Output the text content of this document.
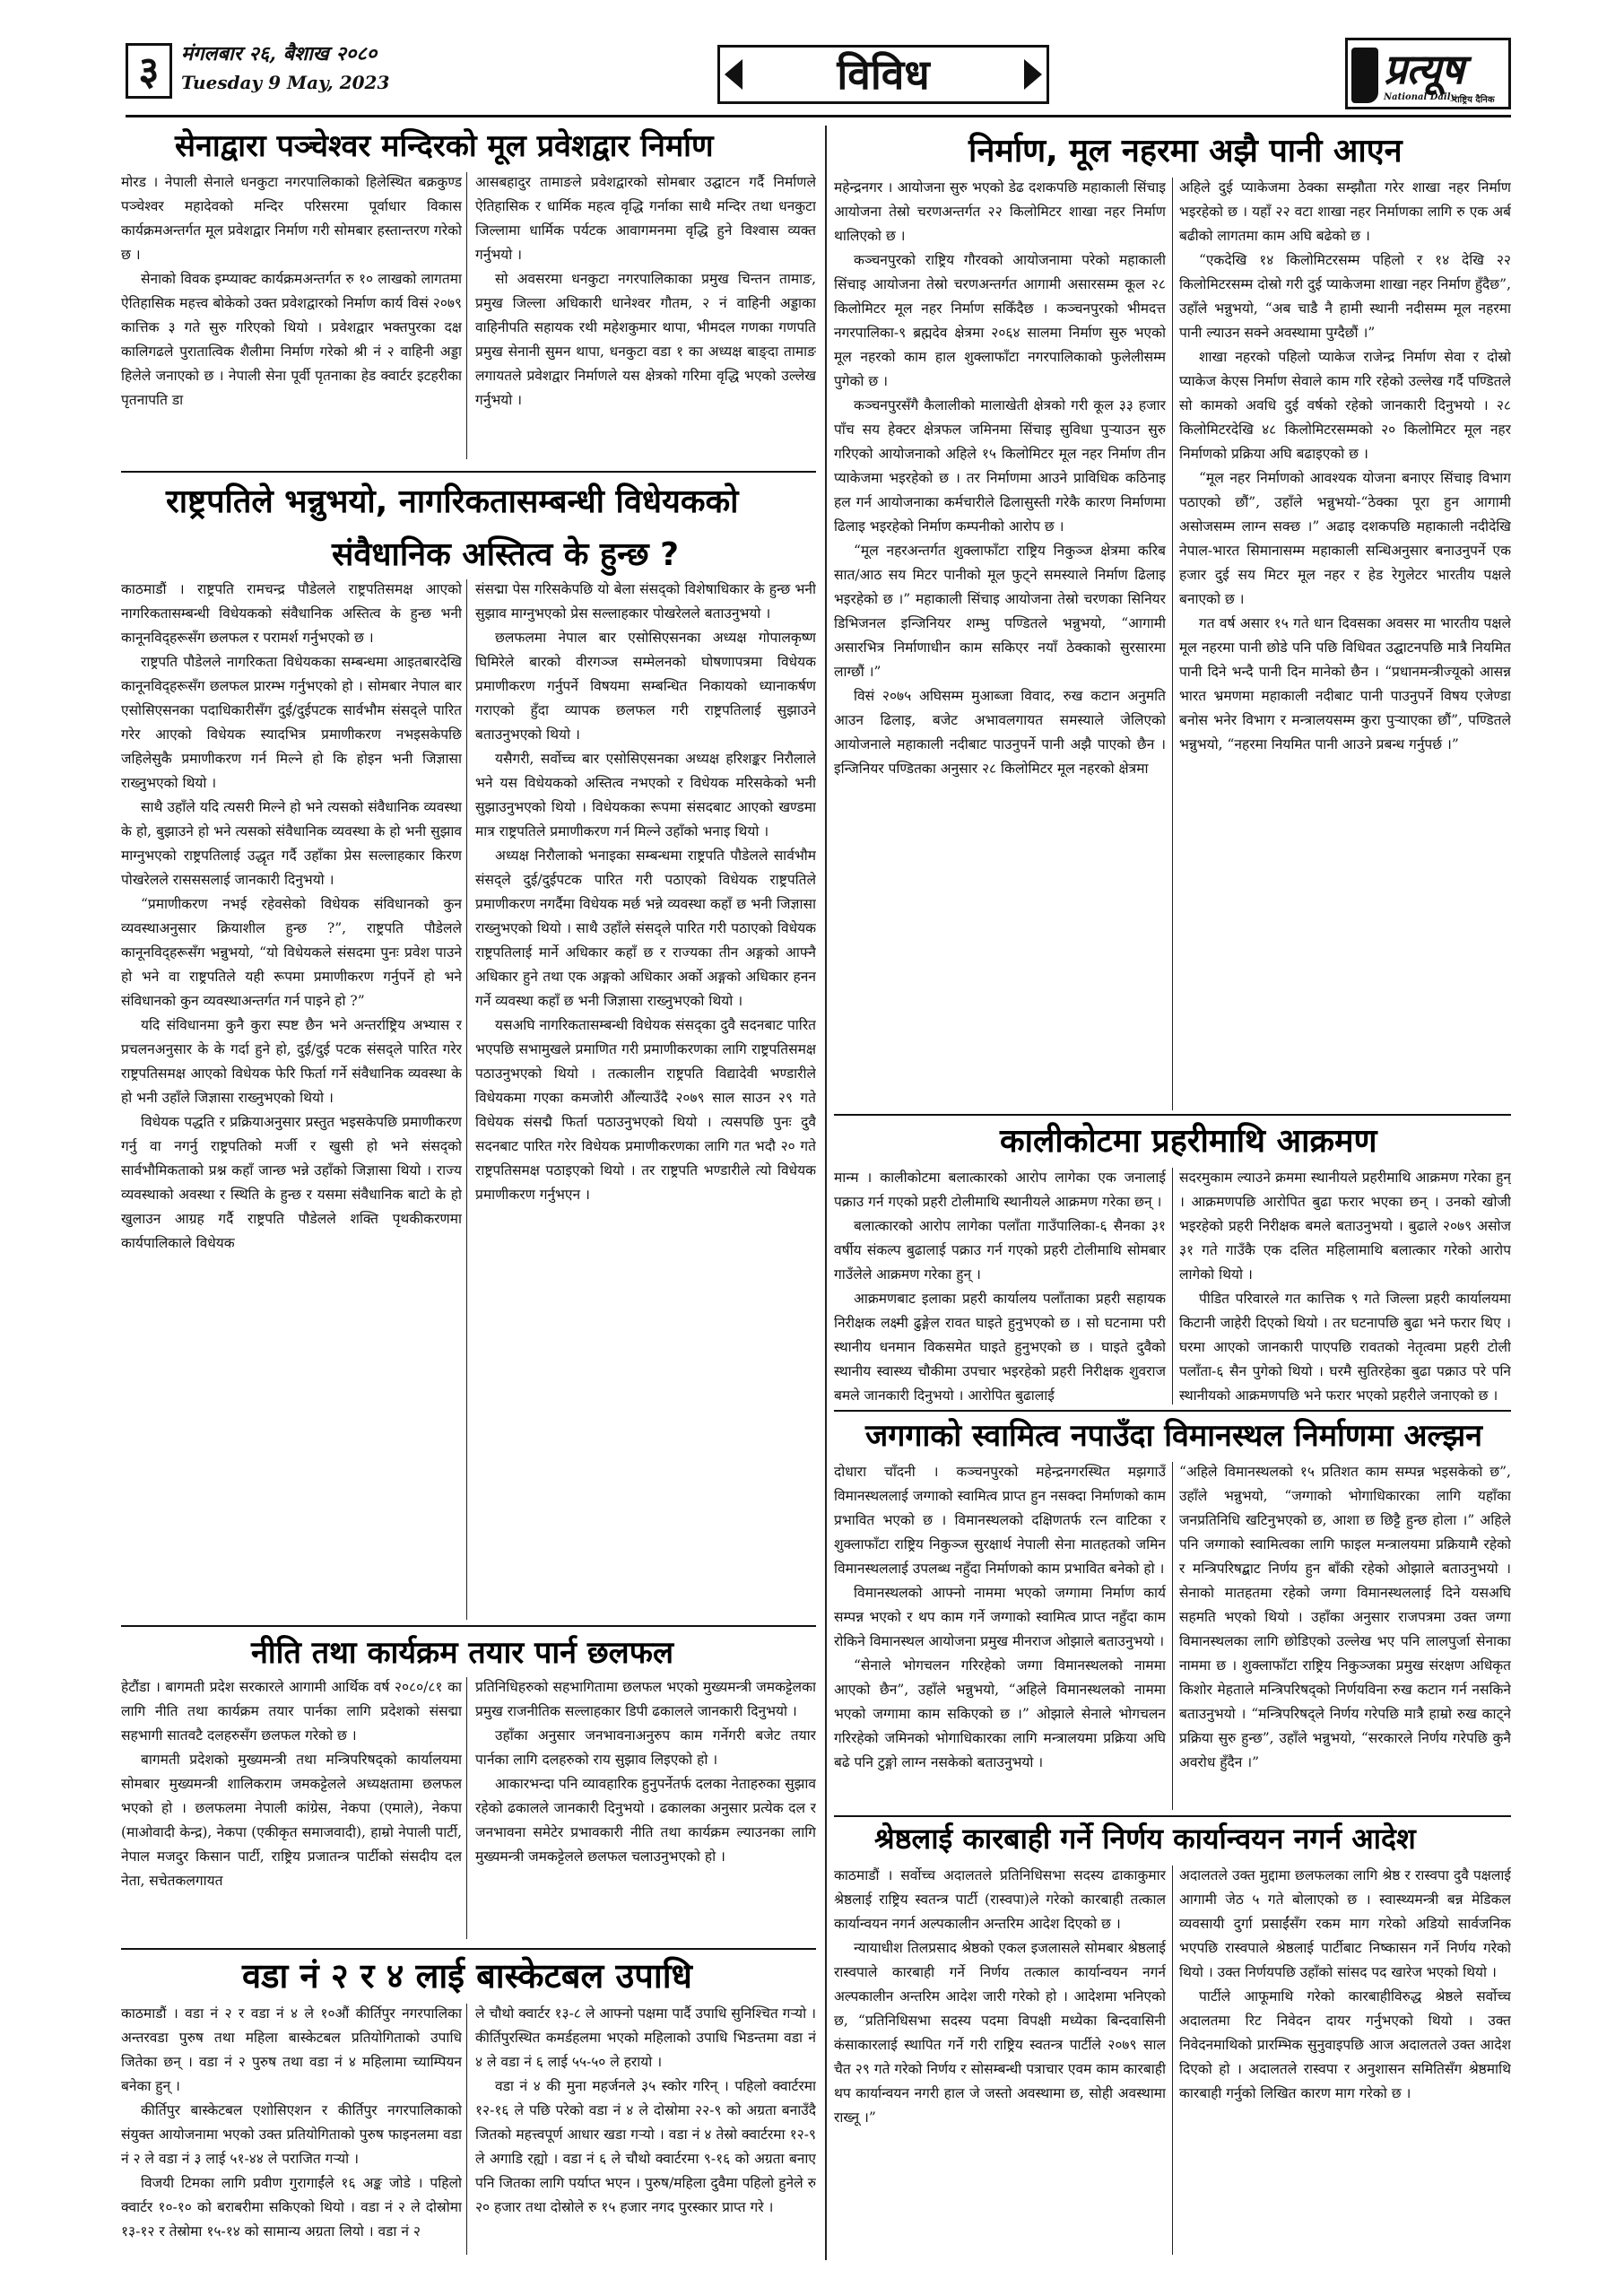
३	मंगलबार २६, बैशाख २०८०
Tuesday 9 May, 2023	विविध	प्रत्यूष
National Daily
राष्ट्रिय दैनिक
सेनाद्वारा पञ्चेश्वर मन्दिरको मूल प्रवेशद्वार निर्माण

मोरड । नेपाली सेनाले धनकुटा नगरपालिकाको हिलेस्थित बक्रकुण्ड पञ्चेश्वर महादेवको मन्दिर परिसरमा पूर्वाधार विकास कार्यक्रमअन्तर्गत मूल प्रवेशद्वार निर्माण गरी सोमबार हस्तान्तरण गरेको छ ।

सेनाको विवक इम्प्याक्ट कार्यक्रमअन्तर्गत रु १० लाखको लागतमा ऐतिहासिक महत्त्व बोकेको उक्त प्रवेशद्वारको निर्माण कार्य विसं २०७९ कात्तिक ३ गते सुरु गरिएको थियो । प्रवेशद्वार भक्तपुरका दक्ष कालिगढले पुरातात्विक शैलीमा निर्माण गरेको श्री नं २ वाहिनी अड्डा हिलेले जनाएको छ । नेपाली सेना पूर्वी पृतनाका हेड क्वार्टर इटहरीका पृतनापति डा

आसबहादुर तामाङले प्रवेशद्वारको सोमबार उद्घाटन गर्दै निर्माणले ऐतिहासिक र धार्मिक महत्व वृद्धि गर्नाका साथै मन्दिर तथा धनकुटा जिल्लामा धार्मिक पर्यटक आवागमनमा वृद्धि हुने विश्वास व्यक्त गर्नुभयो ।

सो अवसरमा धनकुटा नगरपालिकाका प्रमुख चिन्तन तामाङ, प्रमुख जिल्ला अधिकारी धानेश्वर गौतम, २ नं वाहिनी अड्डाका वाहिनीपति सहायक रथी महेशकुमार थापा, भीमदल गणका गणपति प्रमुख सेनानी सुमन थापा, धनकुटा वडा १ का अध्यक्ष बाङ्दा तामाङ लगायतले प्रवेशद्वार निर्माणले यस क्षेत्रको गरिमा वृद्धि भएको उल्लेख गर्नुभयो ।

राष्ट्रपतिले भन्नुभयो, नागरिकतासम्बन्धी विधेयकको
संवैधानिक अस्तित्व के हुन्छ ?

काठमाडौं । राष्ट्रपति रामचन्द्र पौडेलले राष्ट्रपतिसमक्ष आएको नागरिकतासम्बन्धी विधेयकको संवैधानिक अस्तित्व के हुन्छ भनी कानूनविद्हरूसँग छलफल र परामर्श गर्नुभएको छ ।

राष्ट्रपति पौडेलले नागरिकता विधेयकका सम्बन्धमा आइतबारदेखि कानूनविद्हरूसँग छलफल प्रारम्भ गर्नुभएको हो । सोमबार नेपाल बार एसोसिएसनका पदाधिकारीसँग दुई/दुईपटक सार्वभौम संसद्ले पारित गरेर आएको विधेयक स्यादभित्र प्रमाणीकरण नभइसकेपछि जहिलेसुकै प्रमाणीकरण गर्न मिल्ने हो कि होइन भनी जिज्ञासा राख्नुभएको थियो ।

साथै उहाँले यदि त्यसरी मिल्ने हो भने त्यसको संवैधानिक व्यवस्था के हो, बुझाउने हो भने त्यसको संवैधानिक व्यवस्था के हो भनी सुझाव माग्नुभएको राष्ट्रपतिलाई उद्धृत गर्दै उहाँका प्रेस सल्लाहकार किरण पोखरेलले रासससलाई जानकारी दिनुभयो ।

“प्रमाणीकरण नभई रहेवसेको विधेयक संविधानको कुन व्यवस्थाअनुसार क्रियाशील हुन्छ ?”, राष्ट्रपति पौडेलले कानूनविद्हरूसँग भन्नुभयो, “यो विधेयकले संसदमा पुनः प्रवेश पाउने हो भने वा राष्ट्रपतिले यही रूपमा प्रमाणीकरण गर्नुपर्ने हो भने संविधानको कुन व्यवस्थाअन्तर्गत गर्न पाइने हो ?”

यदि संविधानमा कुनै कुरा स्पष्ट छैन भने अन्तर्राष्ट्रिय अभ्यास र प्रचलनअनुसार के के गर्दा हुने हो, दुई/दुई पटक संसद्ले पारित गरेर राष्ट्रपतिसमक्ष आएको विधेयक फेरि फिर्ता गर्ने संवैधानिक व्यवस्था के हो भनी उहाँले जिज्ञासा राख्नुभएको थियो ।

विधेयक पद्धति र प्रक्रियाअनुसार प्रस्तुत भइसकेपछि प्रमाणीकरण गर्नु वा नगर्नु राष्ट्रपतिको मर्जी र खुसी हो भने संसद्को सार्वभौमिकताको प्रश्न कहाँ जान्छ भन्ने उहाँको जिज्ञासा थियो । राज्य व्यवस्थाको अवस्था र स्थिति के हुन्छ र यसमा संवैधानिक बाटो के हो खुलाउन आग्रह गर्दै राष्ट्रपति पौडेलले शक्ति पृथकीकरणमा कार्यपालिकाले विधेयक

संसद्मा पेस गरिसकेपछि यो बेला संसद्को विशेषाधिकार के हुन्छ भनी सुझाव माग्नुभएको प्रेस सल्लाहकार पोखरेलले बताउनुभयो ।

छलफलमा नेपाल बार एसोसिएसनका अध्यक्ष गोपालकृष्ण घिमिरेले बारको वीरगञ्ज सम्मेलनको घोषणापत्रमा विधेयक प्रमाणीकरण गर्नुपर्ने विषयमा सम्बन्धित निकायको ध्यानाकर्षण गराएको हुँदा व्यापक छलफल गरी राष्ट्रपतिलाई सुझाउने बताउनुभएको थियो ।

यसैगरी, सर्वोच्च बार एसोसिएसनका अध्यक्ष हरिशङ्कर निरौलाले भने यस विधेयकको अस्तित्व नभएको र विधेयक मरिसकेको भनी सुझाउनुभएको थियो । विधेयकका रूपमा संसदबाट आएको खण्डमा मात्र राष्ट्रपतिले प्रमाणीकरण गर्न मिल्ने उहाँको भनाइ थियो ।

अध्यक्ष निरौलाको भनाइका सम्बन्धमा राष्ट्रपति पौडेलले सार्वभौम संसद्ले दुई/दुईपटक पारित गरी पठाएको विधेयक राष्ट्रपतिले प्रमाणीकरण नगर्दैमा विधेयक मर्छ भन्ने व्यवस्था कहाँ छ भनी जिज्ञासा राख्नुभएको थियो । साथै उहाँले संसद्ले पारित गरी पठाएको विधेयक राष्ट्रपतिलाई मार्ने अधिकार कहाँ छ र राज्यका तीन अङ्गको आफ्नै अधिकार हुने तथा एक अङ्गको अधिकार अर्को अङ्गको अधिकार हनन गर्ने व्यवस्था कहाँ छ भनी जिज्ञासा राख्नुभएको थियो ।

यसअघि नागरिकतासम्बन्धी विधेयक संसद्का दुवै सदनबाट पारित भएपछि सभामुखले प्रमाणित गरी प्रमाणीकरणका लागि राष्ट्रपतिसमक्ष पठाउनुभएको थियो । तत्कालीन राष्ट्रपति विद्यादेवी भण्डारीले विधेयकमा गएका कमजोरी औंल्याउँदै २०७९ साल साउन २९ गते विधेयक संसद्मै फिर्ता पठाउनुभएको थियो । त्यसपछि पुनः दुवै सदनबाट पारित गरेर विधेयक प्रमाणीकरणका लागि गत भदौ २० गते राष्ट्रपतिसमक्ष पठाइएको थियो । तर राष्ट्रपति भण्डारीले त्यो विधेयक प्रमाणीकरण गर्नुभएन ।

नीति तथा कार्यक्रम तयार पार्न छलफल

हेटौंडा । बागमती प्रदेश सरकारले आगामी आर्थिक वर्ष २०८०/८१ का लागि नीति तथा कार्यक्रम तयार पार्नका लागि प्रदेशको संसद्मा सहभागी सातवटै दलहरुसँग छलफल गरेको छ ।

बागमती प्रदेशको मुख्यमन्त्री तथा मन्त्रिपरिषद्को कार्यालयमा सोमबार मुख्यमन्त्री शालिकराम जमकट्टेलले अध्यक्षतामा छलफल भएको हो । छलफलमा नेपाली कांग्रेस, नेकपा (एमाले), नेकपा (माओवादी केन्द्र), नेकपा (एकीकृत समाजवादी), हाम्रो नेपाली पार्टी, नेपाल मजदुर किसान पार्टी, राष्ट्रिय प्रजातन्त्र पार्टीको संसदीय दल नेता, सचेतकलगायत

प्रतिनिधिहरुको सहभागितामा छलफल भएको मुख्यमन्त्री जमकट्टेलका प्रमुख राजनीतिक सल्लाहकार डिपी ढकालले जानकारी दिनुभयो ।

उहाँका अनुसार जनभावनाअनुरुप काम गर्नेगरी बजेट तयार पार्नका लागि दलहरुको राय सुझाव लिइएको हो ।

आकारभन्दा पनि व्यावहारिक हुनुपर्नेतर्फ दलका नेताहरुका सुझाव रहेको ढकालले जानकारी दिनुभयो । ढकालका अनुसार प्रत्येक दल र जनभावना समेटेर प्रभावकारी नीति तथा कार्यक्रम ल्याउनका लागि मुख्यमन्त्री जमकट्टेलले छलफल चलाउनुभएको हो ।

वडा नं २ र ४ लाई बास्केटबल उपाधि

काठमाडौं । वडा नं २ र वडा नं ४ ले १०औं कीर्तिपुर नगरपालिका अन्तरवडा पुरुष तथा महिला बास्केटबल प्रतियोगिताको उपाधि जितेका छन् । वडा नं २ पुरुष तथा वडा नं ४ महिलामा च्याम्पियन बनेका हुन् ।

कीर्तिपुर बास्केटबल एशोसिएशन र कीर्तिपुर नगरपालिकाको संयुक्त आयोजनामा भएको उक्त प्रतियोगिताको पुरुष फाइनलमा वडा नं २ ले वडा नं ३ लाई ५१-४४ ले पराजित गऱ्यो ।

विजयी टिमका लागि प्रवीण गुरागाईंले १६ अङ्क जोडे । पहिलो क्वार्टर १०-१० को बराबरीमा सकिएको थियो । वडा नं २ ले दोस्रोमा १३-१२ र तेस्रोमा १५-१४ को सामान्य अग्रता लियो । वडा नं २

ले चौथो क्वार्टर १३-८ ले आफ्नो पक्षमा पार्दै उपाधि सुनिश्चित गऱ्यो । कीर्तिपुरस्थित कमर्डहलमा भएको महिलाको उपाधि भिडन्तमा वडा नं ४ ले वडा नं ६ लाई ५५-५० ले हरायो ।

वडा नं ४ की मुना महर्जनले ३५ स्कोर गरिन् । पहिलो क्वार्टरमा १२-१६ ले पछि परेको वडा नं ४ ले दोस्रोमा २२-९ को अग्रता बनाउँदै जितको महत्त्वपूर्ण आधार खडा गऱ्यो । वडा नं ४ तेस्रो क्वार्टरमा १२-९ ले अगाडि रह्यो । वडा नं ६ ले चौथो क्वार्टरमा ९-१६ को अग्रता बनाए पनि जितका लागि पर्याप्त भएन । पुरुष/महिला दुवैमा पहिलो हुनेले रु २० हजार तथा दोस्रोले रु १५ हजार नगद पुरस्कार प्राप्त गरे ।

निर्माण, मूल नहरमा अझै पानी आएन

महेन्द्रनगर । आयोजना सुरु भएको डेढ दशकपछि महाकाली सिंचाइ आयोजना तेस्रो चरणअन्तर्गत २२ किलोमिटर शाखा नहर निर्माण थालिएको छ ।

कञ्चनपुरको राष्ट्रिय गौरवको आयोजनामा परेको महाकाली सिंचाइ आयोजना तेस्रो चरणअन्तर्गत आगामी असारसम्म कूल २८ किलोमिटर मूल नहर निर्माण सकिँदैछ । कञ्चनपुरको भीमदत्त नगरपालिका-९ ब्रह्मदेव क्षेत्रमा २०६४ सालमा निर्माण सुरु भएको मूल नहरको काम हाल शुक्लाफाँटा नगरपालिकाको फुलेलीसम्म पुगेको छ ।

कञ्चनपुरसँगै कैलालीको मालाखेती क्षेत्रको गरी कूल ३३ हजार पाँच सय हेक्टर क्षेत्रफल जमिनमा सिंचाइ सुविधा पुऱ्याउन सुरु गरिएको आयोजनाको अहिले १५ किलोमिटर मूल नहर निर्माण तीन प्याकेजमा भइरहेको छ । तर निर्माणमा आउने प्राविधिक कठिनाइ हल गर्न आयोजनाका कर्मचारीले ढिलासुस्ती गरेकै कारण निर्माणमा ढिलाइ भइरहेको निर्माण कम्पनीको आरोप छ ।

“मूल नहरअन्तर्गत शुक्लाफाँटा राष्ट्रिय निकुञ्ज क्षेत्रमा करिब सात/आठ सय मिटर पानीको मूल फुट्ने समस्याले निर्माण ढिलाइ भइरहेको छ ।” महाकाली सिंचाइ आयोजना तेस्रो चरणका सिनियर डिभिजनल इन्जिनियर शम्भु पण्डितले भन्नुभयो, “आगामी असारभित्र निर्माणाधीन काम सकिएर नयाँ ठेक्काको सुरसारमा लाग्छौं ।”

विसं २०७५ अघिसम्म मुआब्जा विवाद, रुख कटान अनुमति आउन ढिलाइ, बजेट अभावलगायत समस्याले जेलिएको आयोजनाले महाकाली नदीबाट पाउनुपर्ने पानी अझै पाएको छैन । इन्जिनियर पण्डितका अनुसार २८ किलोमिटर मूल नहरको क्षेत्रमा

अहिले दुई प्याकेजमा ठेक्का सम्झौता गरेर शाखा नहर निर्माण भइरहेको छ । यहाँ २२ वटा शाखा नहर निर्माणका लागि रु एक अर्ब बढीको लागतमा काम अघि बढेको छ ।

“एकदेखि १४ किलोमिटरसम्म पहिलो र १४ देखि २२ किलोमिटरसम्म दोस्रो गरी दुई प्याकेजमा शाखा नहर निर्माण हुँदैछ”, उहाँले भन्नुभयो, “अब चाडै नै हामी स्थानी नदीसम्म मूल नहरमा पानी ल्याउन सक्ने अवस्थामा पुग्दैछौं ।”

शाखा नहरको पहिलो प्याकेज राजेन्द्र निर्माण सेवा र दोस्रो प्याकेज केएस निर्माण सेवाले काम गरि रहेको उल्लेख गर्दै पण्डितले सो कामको अवधि दुई वर्षको रहेको जानकारी दिनुभयो । २८ किलोमिटरदेखि ४८ किलोमिटरसम्मको २० किलोमिटर मूल नहर निर्माणको प्रक्रिया अघि बढाइएको छ ।

“मूल नहर निर्माणको आवश्यक योजना बनाएर सिंचाइ विभाग पठाएको छौं”, उहाँले भन्नुभयो-“ठेक्का पूरा हुन आगामी असोजसम्म लाग्न सक्छ ।” अढाइ दशकपछि महाकाली नदीदेखि नेपाल-भारत सिमानासम्म महाकाली सन्धिअनुसार बनाउनुपर्ने एक हजार दुई सय मिटर मूल नहर र हेड रेगुलेटर भारतीय पक्षले बनाएको छ ।

गत वर्ष असार १५ गते धान दिवसका अवसर मा भारतीय पक्षले मूल नहरमा पानी छोडे पनि पछि विधिवत उद्घाटनपछि मात्रै नियमित पानी दिने भन्दै पानी दिन मानेको छैन । “प्रधानमन्त्रीज्यूको आसन्न भारत भ्रमणमा महाकाली नदीबाट पानी पाउनुपर्ने विषय एजेण्डा बनोस भनेर विभाग र मन्त्रालयसम्म कुरा पुऱ्याएका छौं”, पण्डितले भन्नुभयो, “नहरमा नियमित पानी आउने प्रबन्ध गर्नुपर्छ ।”

कालीकोटमा प्रहरीमाथि आक्रमण

मान्म । कालीकोटमा बलात्कारको आरोप लागेका एक जनालाई पक्राउ गर्न गएको प्रहरी टोलीमाथि स्थानीयले आक्रमण गरेका छन् ।

बलात्कारको आरोप लागेका पलाँता गाउँपालिका-६ सैनका ३१ वर्षीय संकल्प बुढालाई पक्राउ गर्न गएको प्रहरी टोलीमाथि सोमबार गाउँलेले आक्रमण गरेका हुन् ।

आक्रमणबाट इलाका प्रहरी कार्यालय पलाँताका प्रहरी सहायक निरीक्षक लक्ष्मी ढुङ्गेल रावत घाइते हुनुभएको छ । सो घटनामा परी स्थानीय धनमान विकसमेत घाइते हुनुभएको छ । घाइते दुवैको स्थानीय स्वास्थ्य चौकीमा उपचार भइरहेको प्रहरी निरीक्षक शुवराज बमले जानकारी दिनुभयो । आरोपित बुढालाई

सदरमुकाम ल्याउने क्रममा स्थानीयले प्रहरीमाथि आक्रमण गरेका हुन् । आक्रमणपछि आरोपित बुढा फरार भएका छन् । उनको खोजी भइरहेको प्रहरी निरीक्षक बमले बताउनुभयो । बुढाले २०७९ असोज ३१ गते गाउँकै एक दलित महिलामाथि बलात्कार गरेको आरोप लागेको थियो ।

पीडित परिवारले गत कात्तिक ९ गते जिल्ला प्रहरी कार्यालयमा किटानी जाहेरी दिएको थियो । तर घटनापछि बुढा भने फरार थिए । घरमा आएको जानकारी पाएपछि रावतको नेतृत्वमा प्रहरी टोली पलाँता-६ सैन पुगेको थियो । घरमै सुतिरहेका बुढा पक्राउ परे पनि स्थानीयको आक्रमणपछि भने फरार भएको प्रहरीले जनाएको छ ।

जगगाको स्वामित्व नपाउँदा विमानस्थल निर्माणमा अल्झन

दोधारा चाँदनी । कञ्चनपुरको महेन्द्रनगरस्थित मझगाउँ विमानस्थललाई जग्गाको स्वामित्व प्राप्त हुन नसक्दा निर्माणको काम प्रभावित भएको छ । विमानस्थलको दक्षिणतर्फ रत्न वाटिका र शुक्लाफाँटा राष्ट्रिय निकुञ्ज सुरक्षार्थ नेपाली सेना मातहतको जमिन विमानस्थललाई उपलब्ध नहुँदा निर्माणको काम प्रभावित बनेको हो ।

विमानस्थलको आफ्नो नाममा भएको जग्गामा निर्माण कार्य सम्पन्न भएको र थप काम गर्ने जग्गाको स्वामित्व प्राप्त नहुँदा काम रोकिने विमानस्थल आयोजना प्रमुख मीनराज ओझाले बताउनुभयो ।

“सेनाले भोगचलन गरिरहेको जग्गा विमानस्थलको नाममा आएको छैन”, उहाँले भन्नुभयो, “अहिले विमानस्थलको नाममा भएको जग्गामा काम सकिएको छ ।” ओझाले सेनाले भोगचलन गरिरहेको जमिनको भोगाधिकारका लागि मन्त्रालयमा प्रक्रिया अघि बढे पनि टुङ्गो लाग्न नसकेको बताउनुभयो ।

“अहिले विमानस्थलको १५ प्रतिशत काम सम्पन्न भइसकेको छ”, उहाँले भन्नुभयो, “जग्गाको भोगाधिकारका लागि यहाँका जनप्रतिनिधि खटिनुभएको छ, आशा छ छिट्टै हुन्छ होला ।” अहिले पनि जग्गाको स्वामित्वका लागि फाइल मन्त्रालयमा प्रक्रियामै रहेको र मन्त्रिपरिषद्बाट निर्णय हुन बाँकी रहेको ओझाले बताउनुभयो । सेनाको मातहतमा रहेको जग्गा विमानस्थललाई दिने यसअघि सहमति भएको थियो । उहाँका अनुसार राजपत्रमा उक्त जग्गा विमानस्थलका लागि छोडिएको उल्लेख भए पनि लालपुर्जा सेनाका नाममा छ । शुक्लाफाँटा राष्ट्रिय निकुञ्जका प्रमुख संरक्षण अधिकृत किशोर मेहताले मन्त्रिपरिषद्को निर्णयविना रुख कटान गर्न नसकिने बताउनुभयो । “मन्त्रिपरिषद्ले निर्णय गरेपछि मात्रै हाम्रो रुख काट्ने प्रक्रिया सुरु हुन्छ”, उहाँले भन्नुभयो, “सरकारले निर्णय गरेपछि कुनै अवरोध हुँदैन ।”

श्रेष्ठलाई कारबाही गर्ने निर्णय कार्यान्वयन नगर्न आदेश

काठमाडौं । सर्वोच्च अदालतले प्रतिनिधिसभा सदस्य ढाकाकुमार श्रेष्ठलाई राष्ट्रिय स्वतन्त्र पार्टी (रास्वपा)ले गरेको कारबाही तत्काल कार्यान्वयन नगर्न अल्पकालीन अन्तरिम आदेश दिएको छ ।

न्यायाधीश तिलप्रसाद श्रेष्ठको एकल इजलासले सोमबार श्रेष्ठलाई रास्वपाले कारबाही गर्ने निर्णय तत्काल कार्यान्वयन नगर्न अल्पकालीन अन्तरिम आदेश जारी गरेको हो । आदेशमा भनिएको छ, “प्रतिनिधिसभा सदस्य पदमा विपक्षी मध्येका बिन्दवासिनी कंसाकारलाई स्थापित गर्ने गरी राष्ट्रिय स्वतन्त्र पार्टीले २०७९ साल चैत २९ गते गरेको निर्णय र सोसम्बन्धी पत्राचार एवम काम कारबाही थप कार्यान्वयन नगरी हाल जे जस्तो अवस्थामा छ, सोही अवस्थामा राख्नू ।”

अदालतले उक्त मुद्दामा छलफलका लागि श्रेष्ठ र रास्वपा दुवै पक्षलाई आगामी जेठ ५ गते बोलाएको छ । स्वास्थ्यमन्त्री बन्न मेडिकल व्यवसायी दुर्गा प्रसाईंसँग रकम माग गरेको अडियो सार्वजनिक भएपछि रास्वपाले श्रेष्ठलाई पार्टीबाट निष्कासन गर्ने निर्णय गरेको थियो । उक्त निर्णयपछि उहाँको सांसद पद खारेज भएको थियो ।

पार्टीले आफूमाथि गरेको कारबाहीविरुद्ध श्रेष्ठले सर्वोच्च अदालतमा रिट निवेदन दायर गर्नुभएको थियो । उक्त निवेदनमाथिको प्रारम्भिक सुनुवाइपछि आज अदालतले उक्त आदेश दिएको हो । अदालतले रास्वपा र अनुशासन समितिसँग श्रेष्ठमाथि कारबाही गर्नुको लिखित कारण माग गरेको छ ।
